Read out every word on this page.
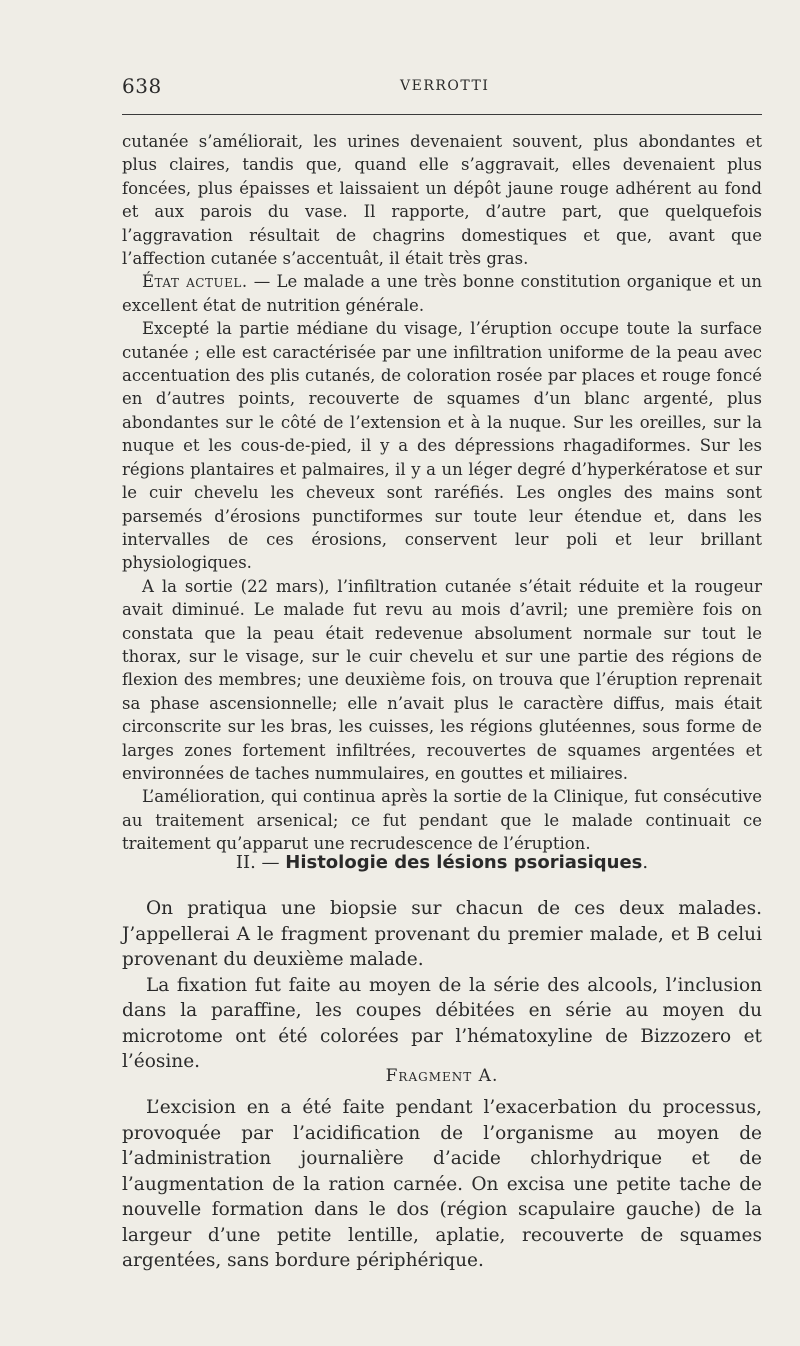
638	VERROTTI

cutanée s’améliorait, les urines devenaient souvent, plus abondantes et plus claires, tandis que, quand elle s’aggravait, elles devenaient plus foncées, plus épaisses et laissaient un dépôt jaune rouge adhérent au fond et aux parois du vase. Il rapporte, d’autre part, que quelquefois l’aggravation résultait de chagrins domestiques et que, avant que l’affection cutanée s’accentuât, il était très gras.

État actuel. — Le malade a une très bonne constitution organique et un excellent état de nutrition générale.

Excepté la partie médiane du visage, l’éruption occupe toute la surface cutanée ; elle est caractérisée par une infiltration uniforme de la peau avec accentuation des plis cutanés, de coloration rosée par places et rouge foncé en d’autres points, recouverte de squames d’un blanc argenté, plus abondantes sur le côté de l’extension et à la nuque. Sur les oreilles, sur la nuque et les cous-de-pied, il y a des dépressions rhagadiformes. Sur les régions plantaires et palmaires, il y a un léger degré d’hyperkératose et sur le cuir chevelu les cheveux sont raréfiés. Les ongles des mains sont parsemés d’érosions punctiformes sur toute leur étendue et, dans les intervalles de ces érosions, conservent leur poli et leur brillant physiologiques.

A la sortie (22 mars), l’infiltration cutanée s’était réduite et la rougeur avait diminué. Le malade fut revu au mois d’avril; une première fois on constata que la peau était redevenue absolument normale sur tout le thorax, sur le visage, sur le cuir chevelu et sur une partie des régions de flexion des membres; une deuxième fois, on trouva que l’éruption reprenait sa phase ascensionnelle; elle n’avait plus le caractère diffus, mais était circonscrite sur les bras, les cuisses, les régions glutéennes, sous forme de larges zones fortement infiltrées, recouvertes de squames argentées et environnées de taches nummulaires, en gouttes et miliaires.

L’amélioration, qui continua après la sortie de la Clinique, fut consécutive au traitement arsenical; ce fut pendant que le malade continuait ce traitement qu’apparut une recrudescence de l’éruption.

II. — Histologie des lésions psoriasiques.

On pratiqua une biopsie sur chacun de ces deux malades. J’appellerai A le fragment provenant du premier malade, et B celui provenant du deuxième malade.

La fixation fut faite au moyen de la série des alcools, l’inclusion dans la paraffine, les coupes débitées en série au moyen du microtome ont été colorées par l’hématoxyline de Bizzozero et l’éosine.

Fragment A.

L’excision en a été faite pendant l’exacerbation du processus, provoquée par l’acidification de l’organisme au moyen de l’administration journalière d’acide chlorhydrique et de l’augmentation de la ration carnée. On excisa une petite tache de nouvelle formation dans le dos (région scapulaire gauche) de la largeur d’une petite lentille, aplatie, recouverte de squames argentées, sans bordure périphérique.
